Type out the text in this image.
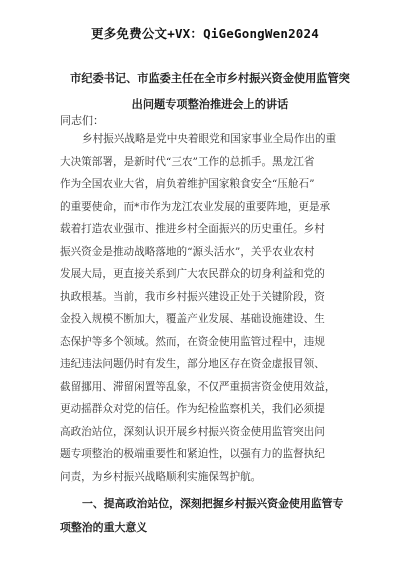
更多免费公文+VX：QiGeGongWen2024
市纪委书记、市监委主任在全市乡村振兴资金使用监管突
出问题专项整治推进会上的讲话
同志们：
乡村振兴战略是党中央着眼党和国家事业全局作出的重
大决策部署，是新时代“三农”工作的总抓手。黑龙江省
作为全国农业大省，肩负着维护国家粮食安全“压舱石”
的重要使命，而*市作为龙江农业发展的重要阵地，更是承
载着打造农业强市、推进乡村全面振兴的历史重任。乡村
振兴资金是推动战略落地的“源头活水”，关乎农业农村
发展大局，更直接关系到广大农民群众的切身利益和党的
执政根基。当前，我市乡村振兴建设正处于关键阶段，资
金投入规模不断加大，覆盖产业发展、基础设施建设、生
态保护等多个领域。然而，在资金使用监管过程中，违规
违纪违法问题仍时有发生，部分地区存在资金虚报冒领、
截留挪用、滞留闲置等乱象，不仅严重损害资金使用效益，
更动摇群众对党的信任。作为纪检监察机关，我们必须提
高政治站位，深刻认识开展乡村振兴资金使用监管突出问
题专项整治的极端重要性和紧迫性，以强有力的监督执纪
问责，为乡村振兴战略顺利实施保驾护航。
一、提高政治站位，深刻把握乡村振兴资金使用监管专
项整治的重大意义
